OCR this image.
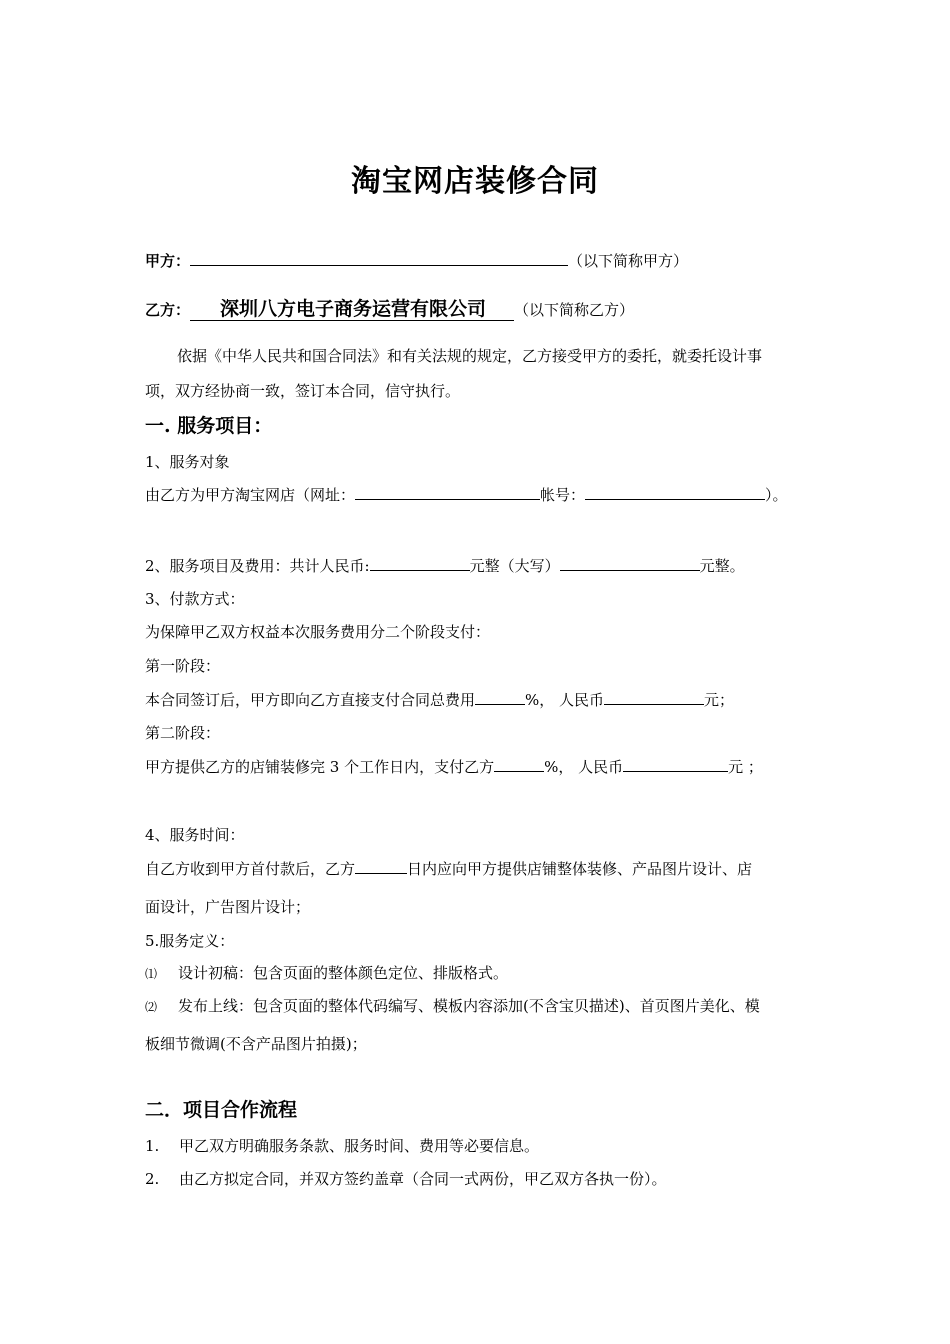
淘宝网店装修合同
甲方：	（以下简称甲方）
乙方： 深圳八方电子商务运营有限公司 （以下简称乙方）
依据《中华人民共和国合同法》和有关法规的规定，乙方接受甲方的委托，就委托设计事
项，双方经协商一致，签订本合同，信守执行。
一. 服务项目：
1、服务对象
由乙方为甲方淘宝网店（网址：	帐号：	）。
2、服务项目及费用：共计人民币:	元整（大写）	元整。
3、付款方式：
为保障甲乙双方权益本次服务费用分二个阶段支付：
第一阶段：
本合同签订后，甲方即向乙方直接支付合同总费用	%， 人民币	元；
第二阶段：
甲方提供乙方的店铺装修完 3 个工作日内，支付乙方	%， 人民币	元 ；
4、服务时间：
自乙方收到甲方首付款后，乙方	日内应向甲方提供店铺整体装修、产品图片设计、店
面设计，广告图片设计；
5.服务定义：
⑴ 设计初稿：包含页面的整体颜色定位、排版格式。
⑵ 发布上线：包含页面的整体代码编写、模板内容添加(不含宝贝描述)、首页图片美化、模
板细节微调(不含产品图片拍摄)；
二．项目合作流程
1. 甲乙双方明确服务条款、服务时间、费用等必要信息。
2. 由乙方拟定合同，并双方签约盖章（合同一式两份，甲乙双方各执一份）。
